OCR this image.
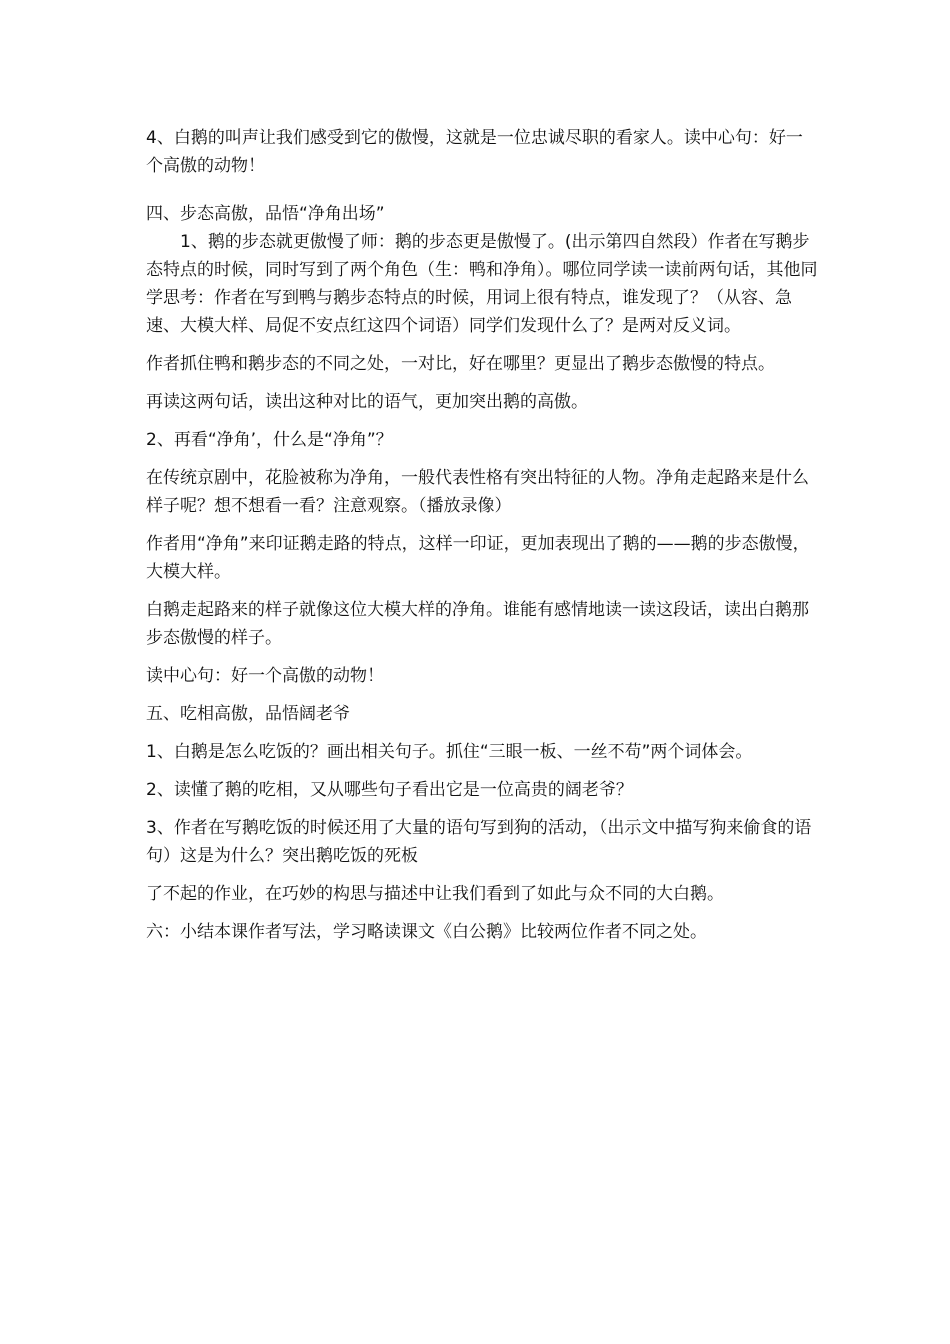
4、白鹅的叫声让我们感受到它的傲慢，这就是一位忠诚尽职的看家人。读中心句：好一个高傲的动物！

四、步态高傲，品悟“净角出场”

1、鹅的步态就更傲慢了师：鹅的步态更是傲慢了。(出示第四自然段）作者在写鹅步态特点的时候，同时写到了两个角色（生：鸭和净角）。哪位同学读一读前两句话，其他同学思考：作者在写到鸭与鹅步态特点的时候，用词上很有特点，谁发现了？（从容、急速、大模大样、局促不安点红这四个词语）同学们发现什么了？是两对反义词。

作者抓住鸭和鹅步态的不同之处，一对比，好在哪里？更显出了鹅步态傲慢的特点。

再读这两句话，读出这种对比的语气，更加突出鹅的高傲。

2、再看“净角’，什么是“净角”？

在传统京剧中，花脸被称为净角，一般代表性格有突出特征的人物。净角走起路来是什么样子呢？想不想看一看？注意观察。（播放录像）

作者用“净角”来印证鹅走路的特点，这样一印证，更加表现出了鹅的——鹅的步态傲慢，大模大样。

白鹅走起路来的样子就像这位大模大样的净角。谁能有感情地读一读这段话，读出白鹅那步态傲慢的样子。

读中心句：好一个高傲的动物！

五、吃相高傲，品悟阔老爷

1、白鹅是怎么吃饭的？画出相关句子。抓住“三眼一板、一丝不苟”两个词体会。

2、读懂了鹅的吃相，又从哪些句子看出它是一位高贵的阔老爷？

3、作者在写鹅吃饭的时候还用了大量的语句写到狗的活动，（出示文中描写狗来偷食的语句）这是为什么？突出鹅吃饭的死板

了不起的作业，在巧妙的构思与描述中让我们看到了如此与众不同的大白鹅。

六：小结本课作者写法，学习略读课文《白公鹅》比较两位作者不同之处。
